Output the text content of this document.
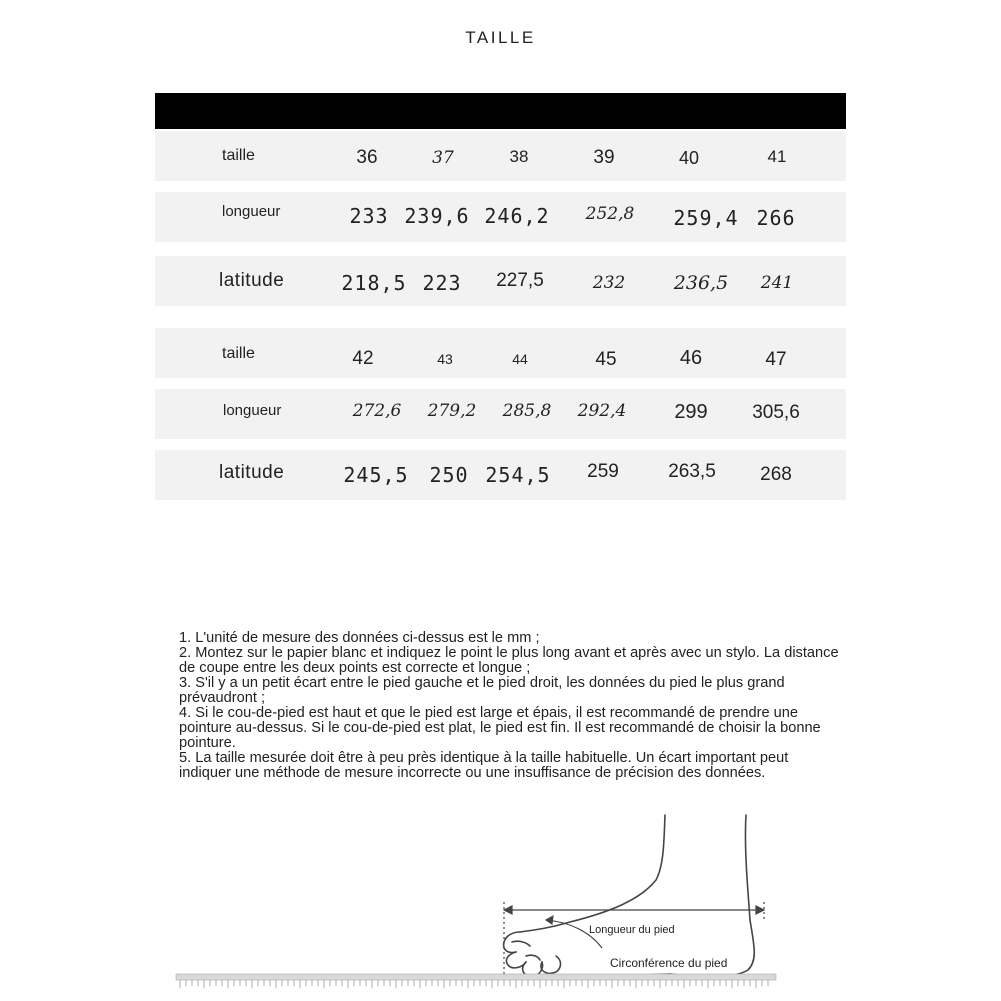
TAILLE
taille	36	37	38	39	40	41
longueur	233 239,6 246,2 252,8 259,4 266
latitude	218,5 223 227,5	232	236,5 241
taille	42	43	44	45	46	47
longueur	272,6 279,2 285,8 292,4 299 305,6
latitude	245,5 250 254,5 259	263,5 268

1. L'unité de mesure des données ci-dessus est le mm ;

2. Montez sur le papier blanc et indiquez le point le plus long avant et après avec un stylo. La distance de coupe entre les deux points est correcte et longue ;

3. S'il y a un petit écart entre le pied gauche et le pied droit, les données du pied le plus grand prévaudront ;

4. Si le cou-de-pied est haut et que le pied est large et épais, il est recommandé de prendre une pointure au-dessus. Si le cou-de-pied est plat, le pied est fin. Il est recommandé de choisir la bonne pointure.

5. La taille mesurée doit être à peu près identique à la taille habituelle. Un écart important peut indiquer une méthode de mesure incorrecte ou une insuffisance de précision des données.

Longueur du pied
Circonférence du pied
